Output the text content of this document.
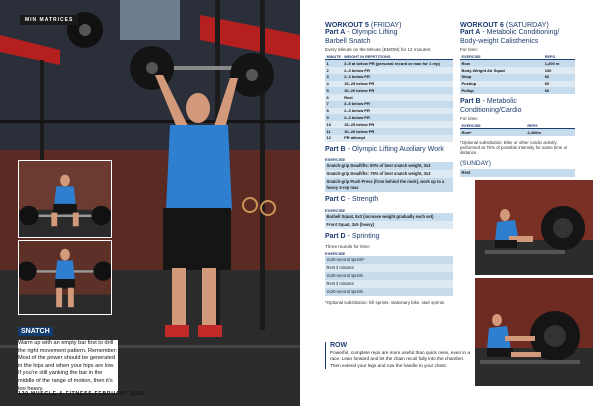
MIN MATRICES
SNATCH
Warm up with an empty bar first to drill the right movement pattern. Remember: Most of the power should be generated in the hips and when your hips are low. If you're still yanking the bar in the middle of the range of motion, then it's too heavy.
120 MUSCLE & FITNESS FEBRUARY 2016
WORKOUT 5 (FRIDAY)
Part A - Olympic Lifting
Barbell Snatch
Every Minute on the Minute (EMOM) for 12 minutes:
MINUTE	WEIGHT IN REPETITIONS
1	3–5 at below PR (personal record or max for 1 rep)
2	2–3 below PR
3	2–3 below PR
4	15–25 below PR
5	10–20 below PR
6	Rest
7	3–5 below PR
8	2–3 below PR
9	2–3 below PR
10	15–25 below PR
11	10–20 below PR
12	PR attempt
Part B - Olympic Lifting Auxiliary Work
EXERCISE
Snatch-grip Deadlifts: 80% of best snatch weight, 3x3
Snatch-grip Deadlifts: 75% of best snatch weight, 3x3
Snatch-grip Push Press (from behind the neck), work up to a heavy 3-rep max
Part C - Strength
EXERCISE
Barbell Squat, 5x3 (increase weight gradually each set)
Front Squat, 3x5 (heavy)
Part D - Sprinting
Three rounds for time:
EXERCISE
2x40-second sprints*
Rest 3 minutes
2x40-second sprints
Rest 3 minutes
2x20-second sprints
*Optional substitution: hill sprints, stationary bike, stair sprints.
WORKOUT 6 (SATURDAY)
Part A - Metabolic Conditioning/ Body-weight Calisthenics
For time:
EXERCISE	REPS
Row	1,200 m
Body-Weight Air Squat	100
Situp	60
Pushup	60
Pullup	60
Part B - Metabolic Conditioning/Cardio
For time:
EXERCISE	REPS
Row*	2,400m
*Optional substitution: Bike or other cardio activity performed at 75% of possible intensity for same time or distance.
(SUNDAY)
Rest
ROW
Powerful, complete reps are more useful than quick ones, even in a race. Lean forward and let the chain recoil fully into the chamber. Then extend your legs and row the handle to your chest.
